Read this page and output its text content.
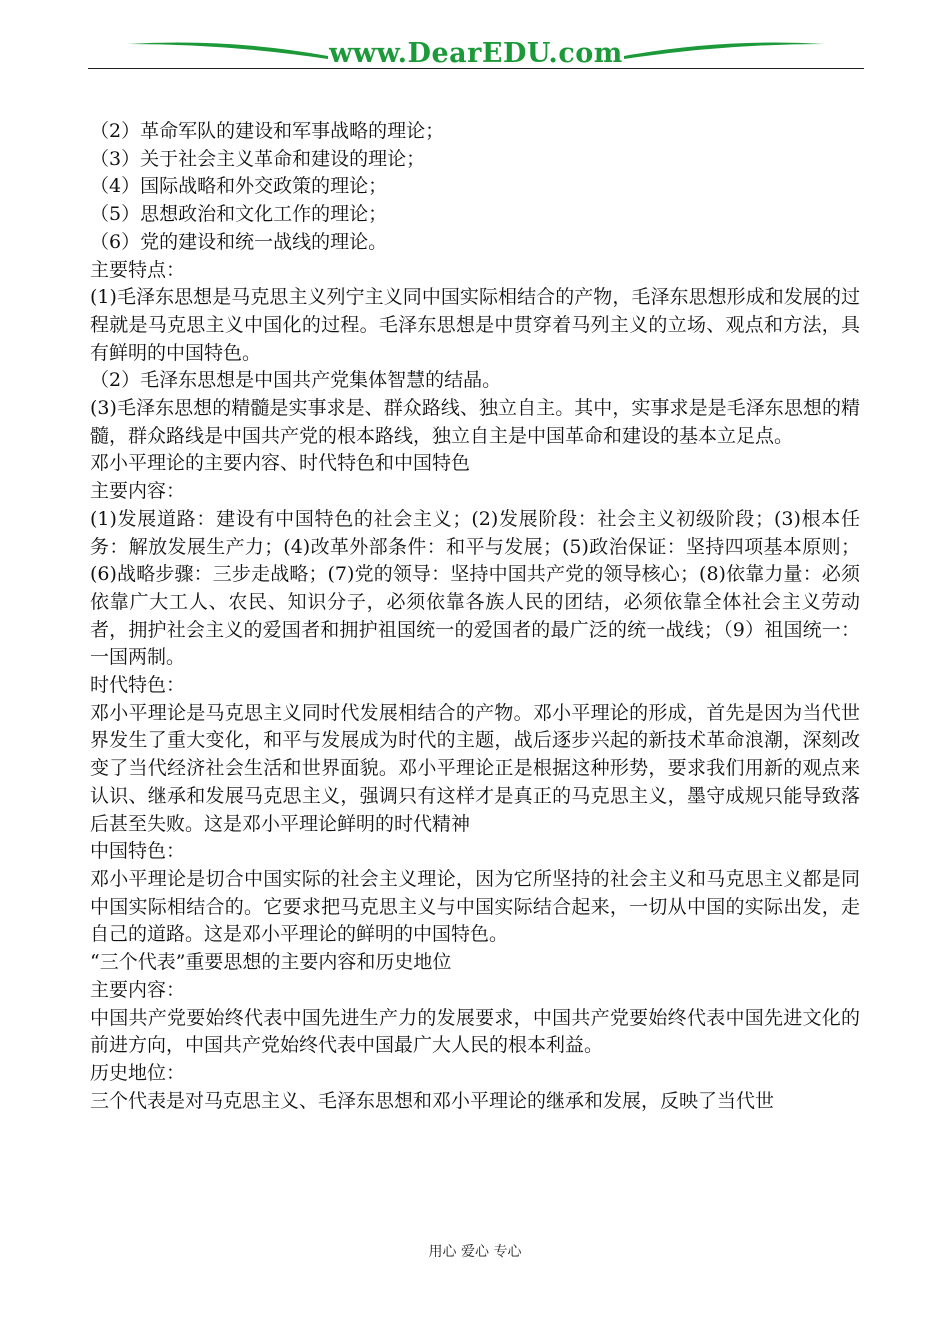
www.DearEDU.com

（2）革命军队的建设和军事战略的理论；

（3）关于社会主义革命和建设的理论；

（4）国际战略和外交政策的理论；

（5）思想政治和文化工作的理论；

（6）党的建设和统一战线的理论。

主要特点：

(1)毛泽东思想是马克思主义列宁主义同中国实际相结合的产物，毛泽东思想形成和发展的过程就是马克思主义中国化的过程。毛泽东思想是中贯穿着马列主义的立场、观点和方法，具有鲜明的中国特色。

（2）毛泽东思想是中国共产党集体智慧的结晶。

(3)毛泽东思想的精髓是实事求是、群众路线、独立自主。其中，实事求是是毛泽东思想的精髓，群众路线是中国共产党的根本路线，独立自主是中国革命和建设的基本立足点。

邓小平理论的主要内容、时代特色和中国特色

主要内容：

(1)发展道路：建设有中国特色的社会主义；(2)发展阶段：社会主义初级阶段；(3)根本任务：解放发展生产力；(4)改革外部条件：和平与发展；(5)政治保证：坚持四项基本原则；(6)战略步骤：三步走战略；(7)党的领导：坚持中国共产党的领导核心；(8)依靠力量：必须依靠广大工人、农民、知识分子，必须依靠各族人民的团结，必须依靠全体社会主义劳动者，拥护社会主义的爱国者和拥护祖国统一的爱国者的最广泛的统一战线；（9）祖国统一：一国两制。

时代特色：

邓小平理论是马克思主义同时代发展相结合的产物。邓小平理论的形成，首先是因为当代世界发生了重大变化，和平与发展成为时代的主题，战后逐步兴起的新技术革命浪潮，深刻改变了当代经济社会生活和世界面貌。邓小平理论正是根据这种形势，要求我们用新的观点来认识、继承和发展马克思主义，强调只有这样才是真正的马克思主义，墨守成规只能导致落后甚至失败。这是邓小平理论鲜明的时代精神

中国特色：

邓小平理论是切合中国实际的社会主义理论，因为它所坚持的社会主义和马克思主义都是同中国实际相结合的。它要求把马克思主义与中国实际结合起来，一切从中国的实际出发，走自己的道路。这是邓小平理论的鲜明的中国特色。

“三个代表”重要思想的主要内容和历史地位

主要内容：

中国共产党要始终代表中国先进生产力的发展要求，中国共产党要始终代表中国先进文化的前进方向，中国共产党始终代表中国最广大人民的根本利益。

历史地位：

三个代表是对马克思主义、毛泽东思想和邓小平理论的继承和发展，反映了当代世

用心 爱心 专心
